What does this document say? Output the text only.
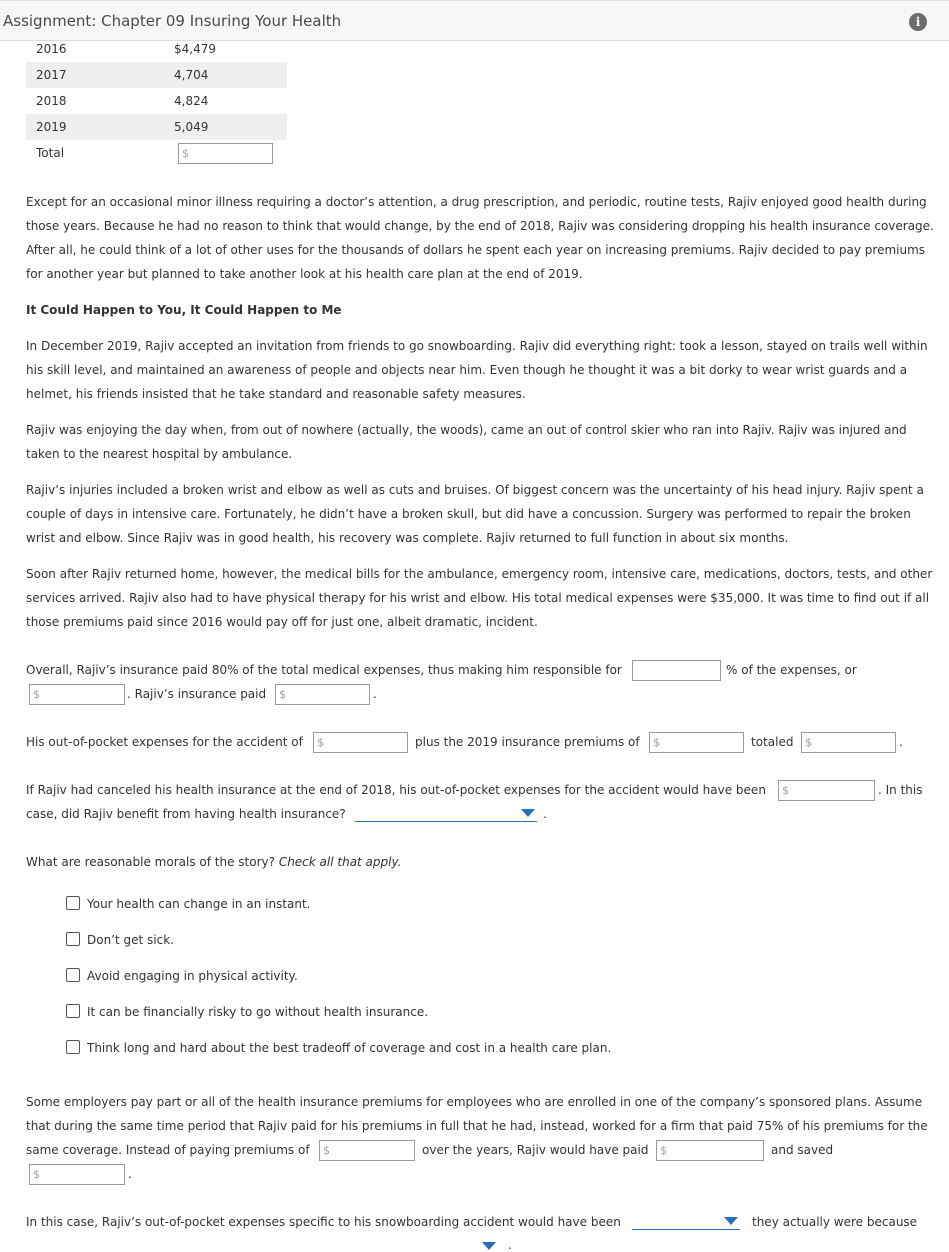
Assignment: Chapter 09 Insuring Your Health	i
2016	$4,479
2017	4,704
2018	4,824
2019	5,049
Total	$
Except for an occasional minor illness requiring a doctor’s attention, a drug prescription, and periodic, routine tests, Rajiv enjoyed good health during those years. Because he had no reason to think that would change, by the end of 2018, Rajiv was considering dropping his health insurance coverage. After all, he could think of a lot of other uses for the thousands of dollars he spent each year on increasing premiums. Rajiv decided to pay premiums for another year but planned to take another look at his health care plan at the end of 2019.
It Could Happen to You, It Could Happen to Me
In December 2019, Rajiv accepted an invitation from friends to go snowboarding. Rajiv did everything right: took a lesson, stayed on trails well within his skill level, and maintained an awareness of people and objects near him. Even though he thought it was a bit dorky to wear wrist guards and a helmet, his friends insisted that he take standard and reasonable safety measures.
Rajiv was enjoying the day when, from out of nowhere (actually, the woods), came an out of control skier who ran into Rajiv. Rajiv was injured and taken to the nearest hospital by ambulance.
Rajiv’s injuries included a broken wrist and elbow as well as cuts and bruises. Of biggest concern was the uncertainty of his head injury. Rajiv spent a couple of days in intensive care. Fortunately, he didn’t have a broken skull, but did have a concussion. Surgery was performed to repair the broken wrist and elbow. Since Rajiv was in good health, his recovery was complete. Rajiv returned to full function in about six months.
Soon after Rajiv returned home, however, the medical bills for the ambulance, emergency room, intensive care, medications, doctors, tests, and other services arrived. Rajiv also had to have physical therapy for his wrist and elbow. His total medical expenses were $35,000. It was time to find out if all those premiums paid since 2016 would pay off for just one, albeit dramatic, incident.
Overall, Rajiv’s insurance paid 80% of the total medical expenses, thus making him responsible for	% of the expenses, or
$	. Rajiv’s insurance paid $	.
His out-of-pocket expenses for the accident of $	plus the 2019 insurance premiums of $	totaled $	.
If Rajiv had canceled his health insurance at the end of 2018, his out-of-pocket expenses for the accident would have been $	. In this
case, did Rajiv benefit from having health insurance?	.
What are reasonable morals of the story? Check all that apply.
Your health can change in an instant.
Don’t get sick.
Avoid engaging in physical activity.
It can be financially risky to go without health insurance.
Think long and hard about the best tradeoff of coverage and cost in a health care plan.
Some employers pay part or all of the health insurance premiums for employees who are enrolled in one of the company’s sponsored plans. Assume
that during the same time period that Rajiv paid for his premiums in full that he had, instead, worked for a firm that paid 75% of his premiums for the
same coverage. Instead of paying premiums of $	over the years, Rajiv would have paid $	and saved
$	.
In this case, Rajiv’s out-of-pocket expenses specific to his snowboarding accident would have been	they actually were because
.
